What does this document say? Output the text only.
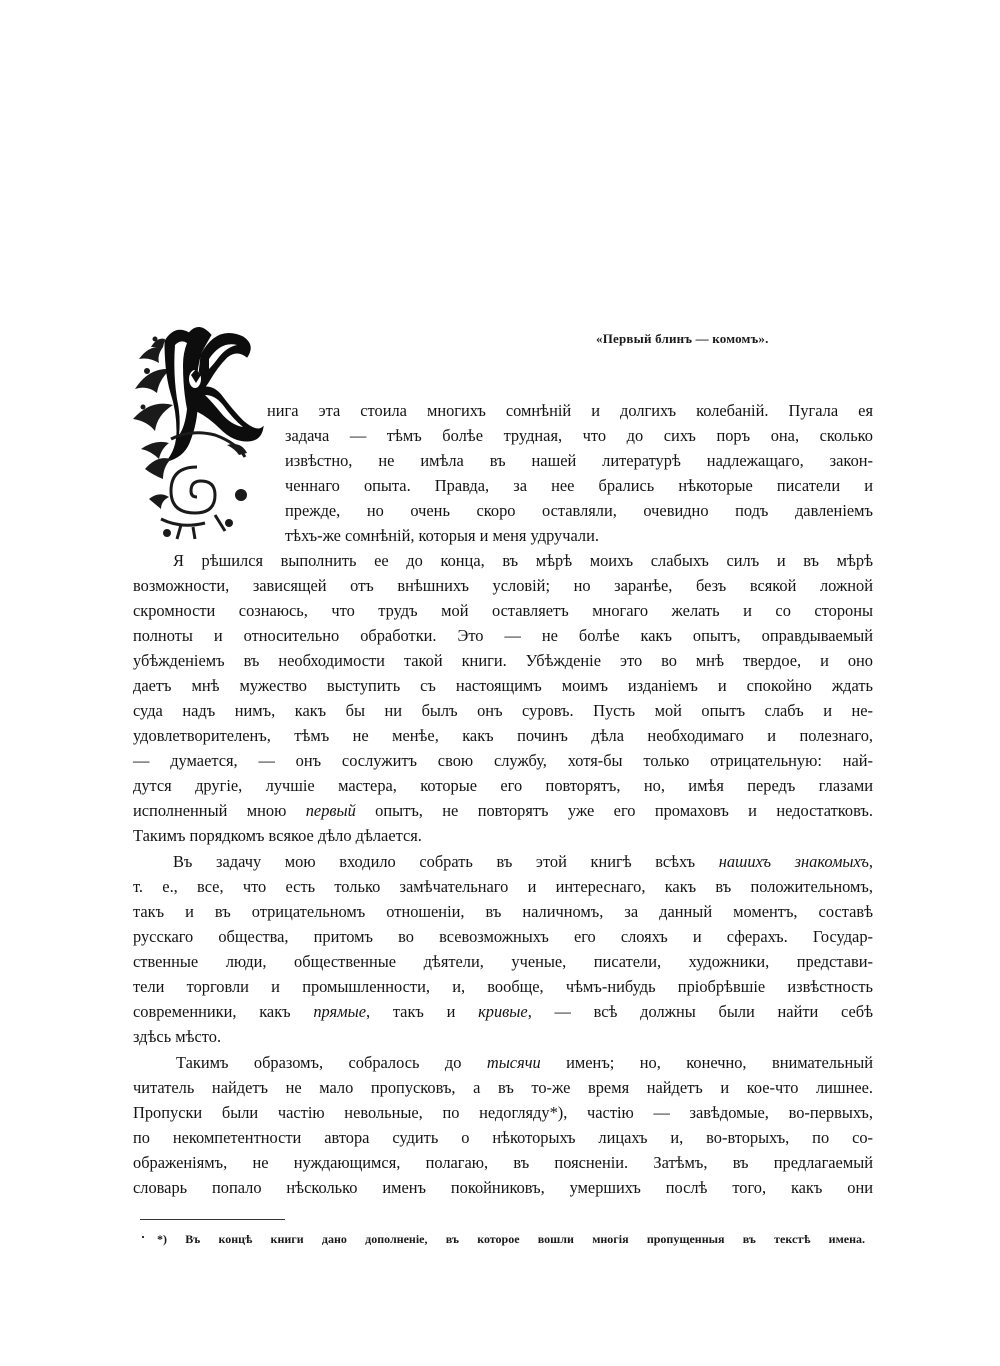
«Первый блинъ — комомъ».
нига эта стоила многихъ сомнѣній и долгихъ колебаній. Пугала ея
задача — тѣмъ болѣе трудная, что до сихъ поръ она, сколько
извѣстно, не имѣла въ нашей литературѣ надлежащаго, закон-
ченнаго опыта. Правда, за нее брались нѣкоторые писатели и
прежде, но очень скоро оставляли, очевидно подъ давленіемъ
тѣхъ-же сомнѣній, которыя и меня удручали.
Я рѣшился выполнить ее до конца, въ мѣрѣ моихъ слабыхъ силъ и въ мѣрѣ
возможности, зависящей отъ внѣшнихъ условій; но заранѣе, безъ всякой ложной
скромности сознаюсь, что трудъ мой оставляетъ многаго желать и со стороны
полноты и относительно обработки. Это — не болѣе какъ опытъ, оправдываемый
убѣжденіемъ въ необходимости такой книги. Убѣжденіе это во мнѣ твердое, и оно
даетъ мнѣ мужество выступить съ настоящимъ моимъ изданіемъ и спокойно ждать
суда надъ нимъ, какъ бы ни былъ онъ суровъ. Пусть мой опытъ слабъ и не-
удовлетворителенъ, тѣмъ не менѣе, какъ починъ дѣла необходимаго и полезнаго,
— думается, — онъ сослужитъ свою службу, хотя-бы только отрицательную: най-
дутся другіе, лучшіе мастера, которые его повторятъ, но, имѣя передъ глазами
исполненный мною первый опытъ, не повторятъ уже его промаховъ и недостатковъ.
Такимъ порядкомъ всякое дѣло дѣлается.
Въ задачу мою входило собрать въ этой книгѣ всѣхъ нашихъ знакомыхъ,
т. е., все, что есть только замѣчательнаго и интереснаго, какъ въ положительномъ,
такъ и въ отрицательномъ отношеніи, въ наличномъ, за данный моментъ, составѣ
русскаго общества, притомъ во всевозможныхъ его слояхъ и сферахъ. Государ-
ственные люди, общественные дѣятели, ученые, писатели, художники, представи-
тели торговли и промышленности, и, вообще, чѣмъ-нибудь пріобрѣвшіе извѣстность
современники, какъ прямые, такъ и кривые, — всѣ должны были найти себѣ
здѣсь мѣсто.
Такимъ образомъ, собралось до тысячи именъ; но, конечно, внимательный
читатель найдетъ не мало пропусковъ, а въ то-же время найдетъ и кое-что лишнее.
Пропуски были частію невольные, по недогляду*), частію — завѣдомые, во-первыхъ,
по некомпетентности автора судить о нѣкоторыхъ лицахъ и, во-вторыхъ, по со-
ображеніямъ, не нуждающимся, полагаю, въ поясненіи. Затѣмъ, въ предлагаемый
словарь попало нѣсколько именъ покойниковъ, умершихъ послѣ того, какъ они
*) Въ концѣ книги дано дополненіе, въ которое вошли многія пропущенныя въ текстѣ имена.
